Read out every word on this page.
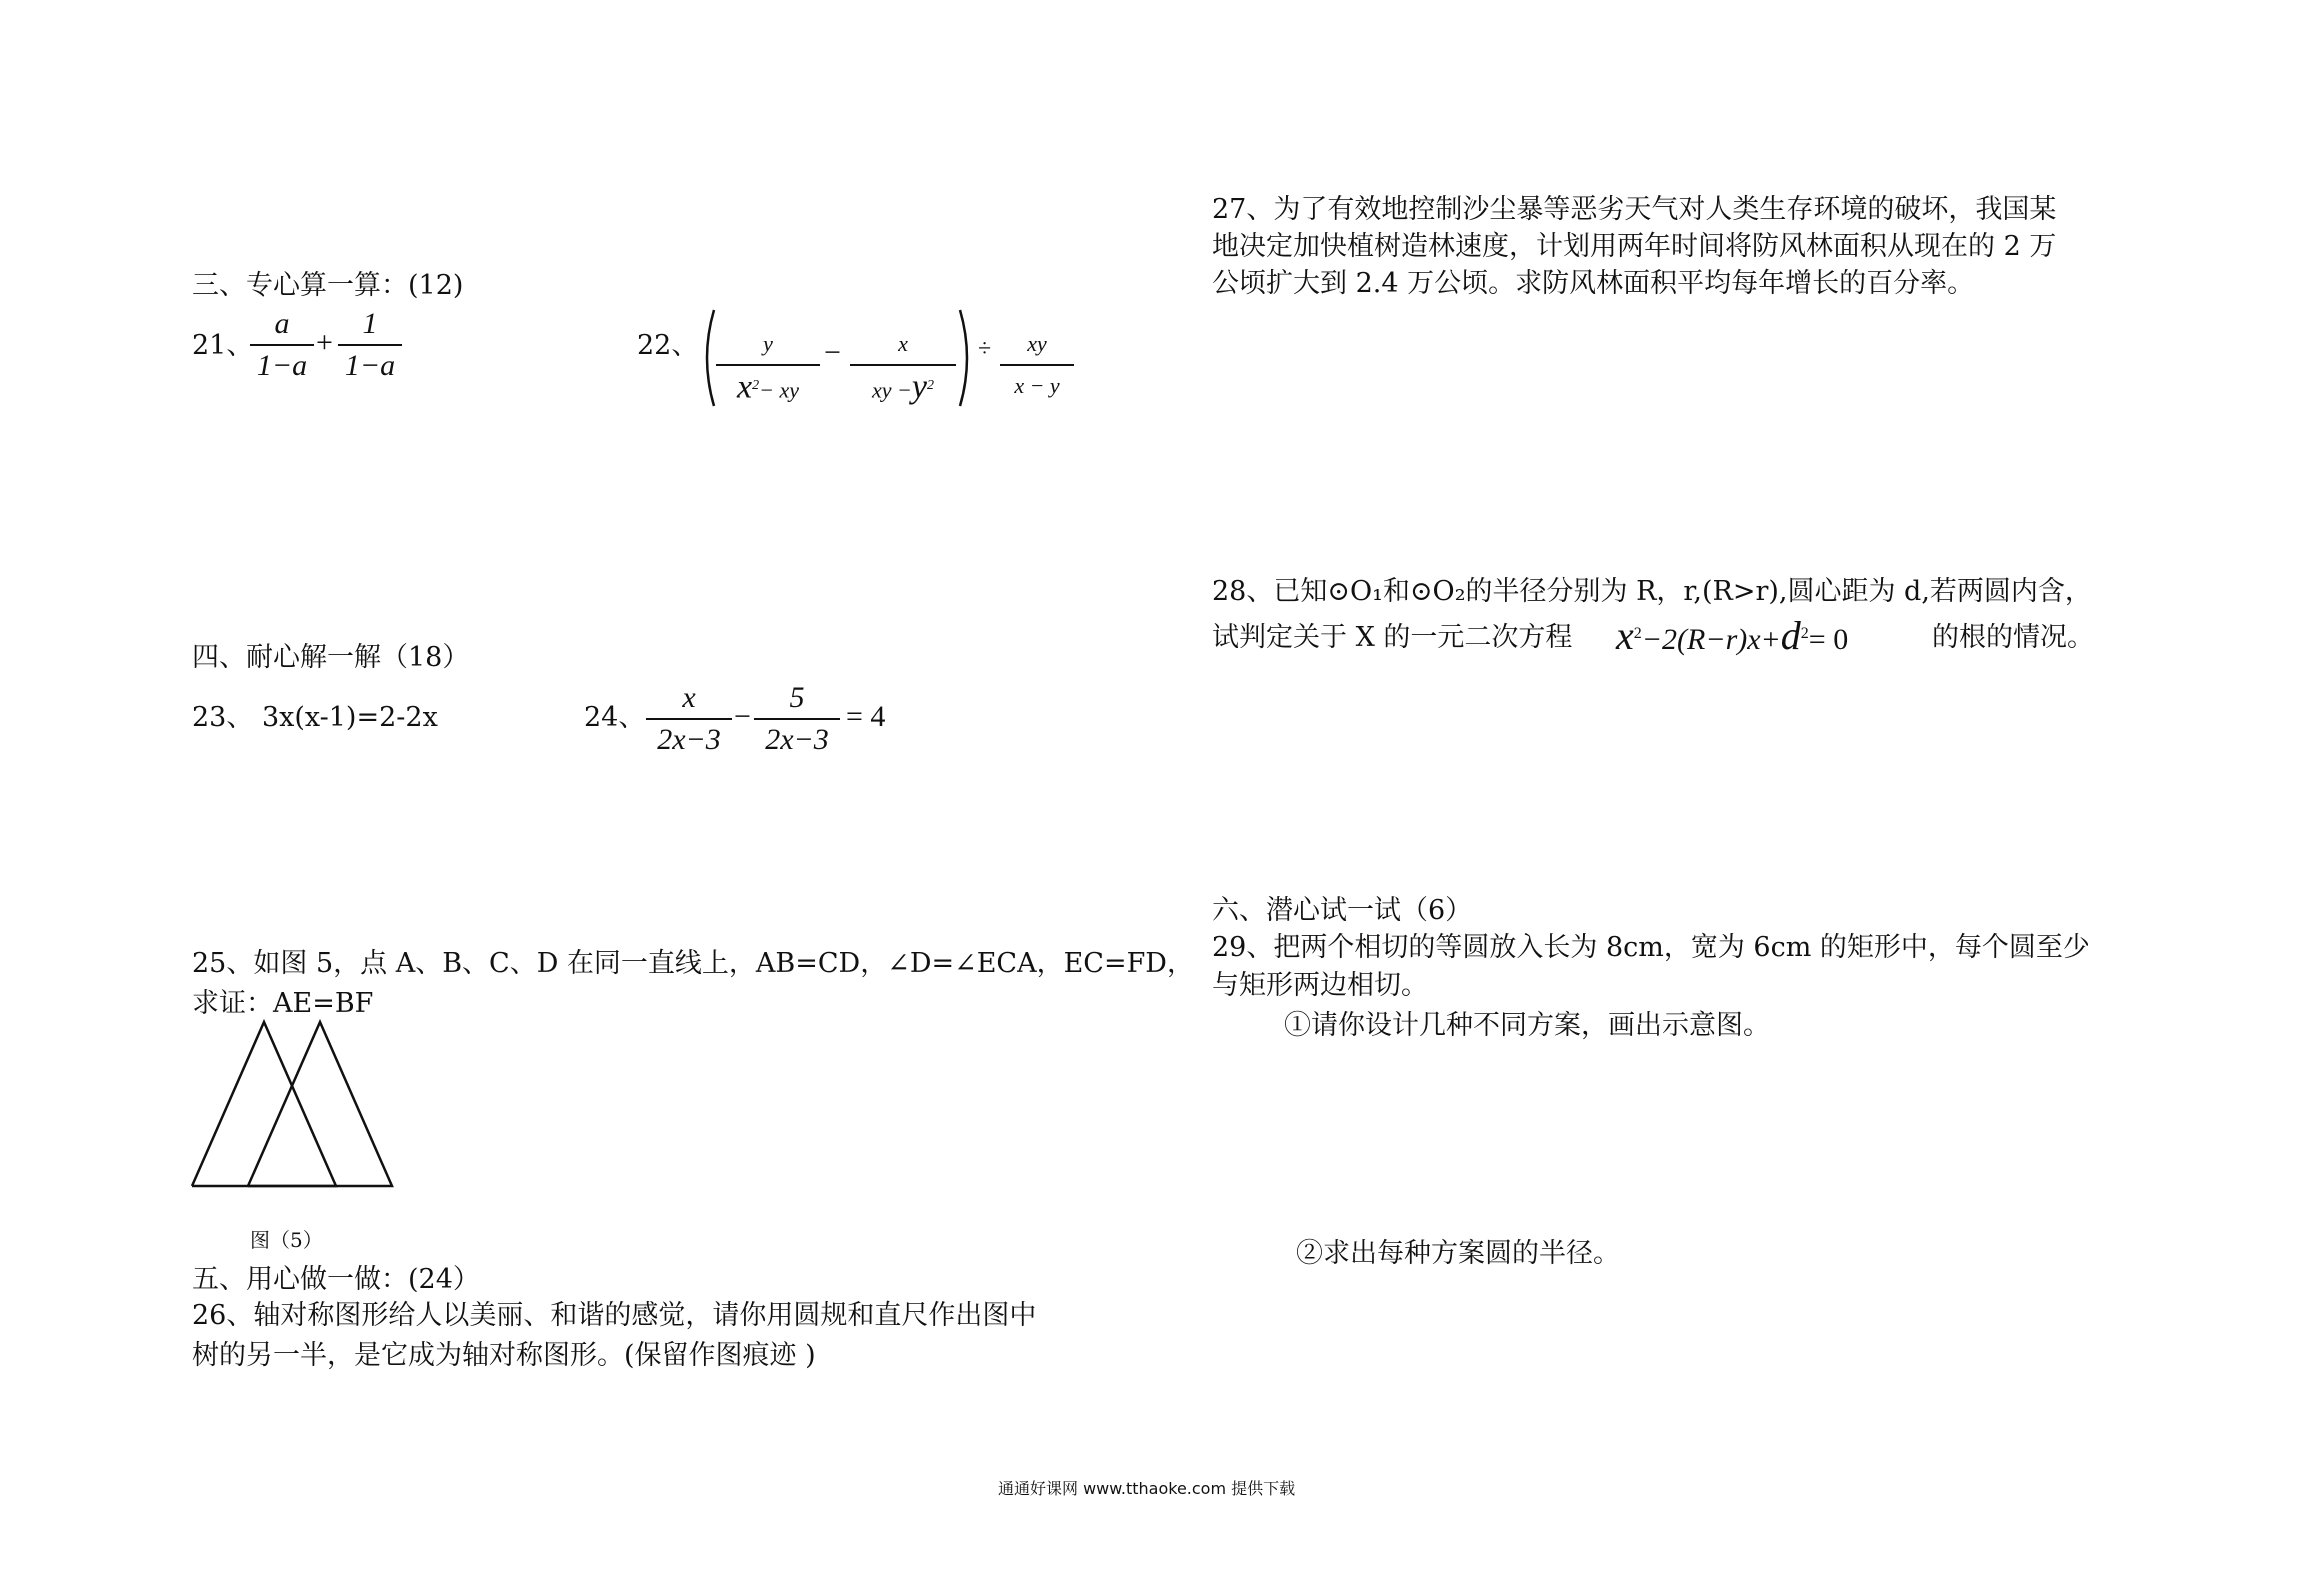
三、专心算一算：(12)
21、
a
1−a
+
1
1−a
22、	y
$x^2-$ xy
−	x
xy $-y^2$
÷ xy
x − y
四、耐心解一解（18）
23、 3x(x-1)=2-2x	24、
x
2x−3
−
5
2x−3
= 4
25、如图 5，点 A、B、C、D 在同一直线上，AB=CD，∠D=∠ECA，EC=FD，
求证：AE=BF
图（5）
五、用心做一做：(24）
26、轴对称图形给人以美丽、和谐的感觉，请你用圆规和直尺作出图中
树的另一半，是它成为轴对称图形。(保留作图痕迹 )
27、为了有效地控制沙尘暴等恶劣天气对人类生存环境的破坏，我国某
地决定加快植树造林速度，计划用两年时间将防风林面积从现在的 2 万
公顷扩大到 2.4 万公顷。求防风林面积平均每年增长的百分率。
28、已知⊙O₁和⊙O₂的半径分别为 R，r,(R>r),圆心距为 d,若两圆内含，
试判定关于 X 的一元二次方程 $x^2-2(R-r)x+d^2= 0$	的根的情况。
六、潜心试一试（6）
29、把两个相切的等圆放入长为 8cm，宽为 6cm 的矩形中，每个圆至少
与矩形两边相切。
①请你设计几种不同方案，画出示意图。
②求出每种方案圆的半径。
通通好课网 www.tthaoke.com 提供下载
